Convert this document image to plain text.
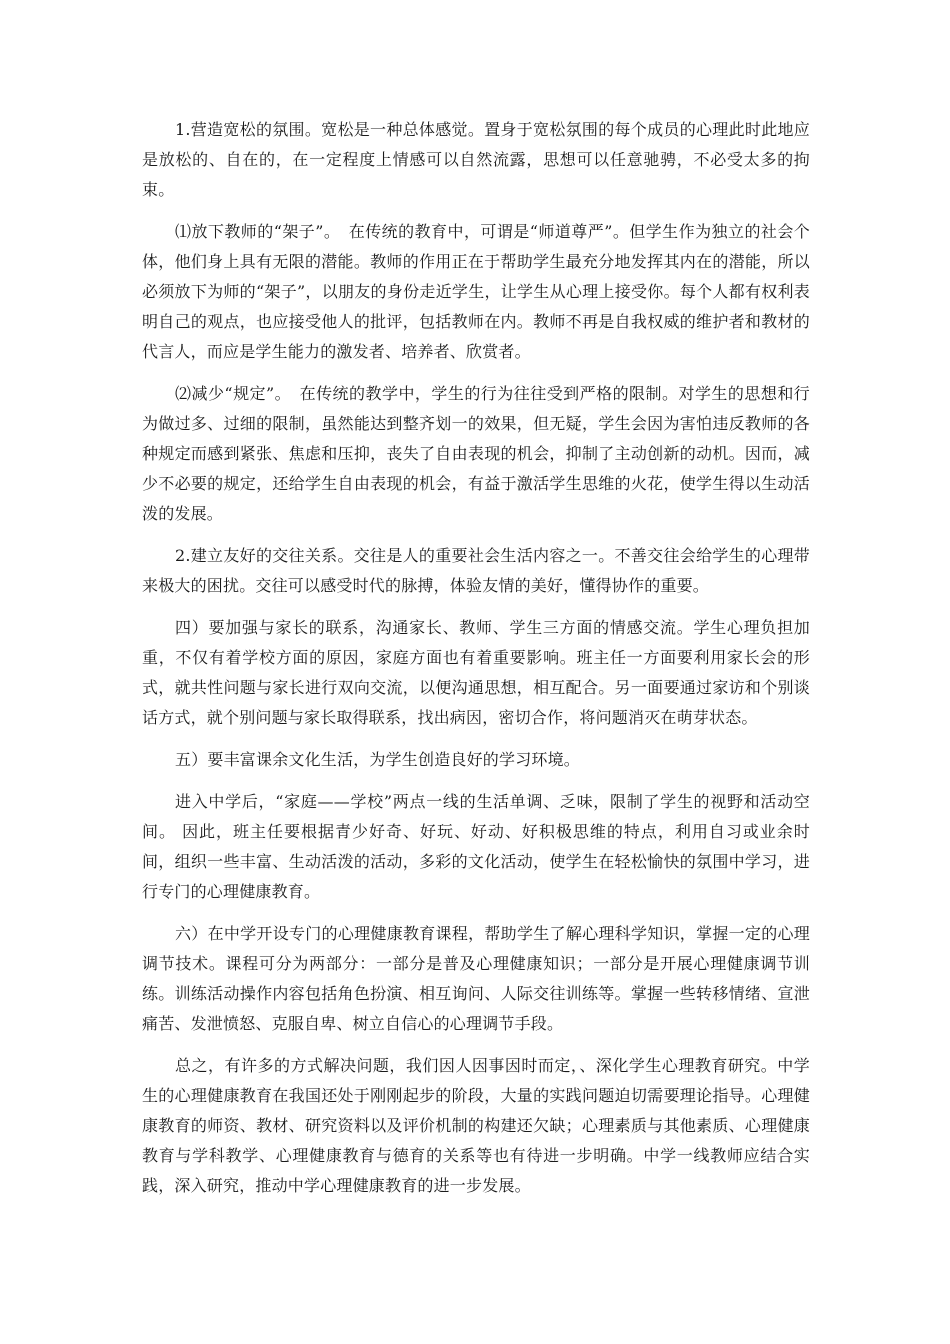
1.营造宽松的氛围。宽松是一种总体感觉。置身于宽松氛围的每个成员的心理此时此地应是放松的、自在的，在一定程度上情感可以自然流露，思想可以任意驰骋，不必受太多的拘束。

⑴放下教师的“架子”。　在传统的教育中，可谓是“师道尊严”。但学生作为独立的社会个体，他们身上具有无限的潜能。教师的作用正在于帮助学生最充分地发挥其内在的潜能，所以必须放下为师的“架子”，以朋友的身份走近学生，让学生从心理上接受你。每个人都有权利表明自己的观点，也应接受他人的批评，包括教师在内。教师不再是自我权威的维护者和教材的代言人，而应是学生能力的激发者、培养者、欣赏者。

⑵减少“规定”。　在传统的教学中，学生的行为往往受到严格的限制。对学生的思想和行为做过多、过细的限制，虽然能达到整齐划一的效果，但无疑，学生会因为害怕违反教师的各种规定而感到紧张、焦虑和压抑，丧失了自由表现的机会，抑制了主动创新的动机。因而，减少不必要的规定，还给学生自由表现的机会，有益于激活学生思维的火花，使学生得以生动活泼的发展。

2.建立友好的交往关系。交往是人的重要社会生活内容之一。不善交往会给学生的心理带来极大的困扰。交往可以感受时代的脉搏，体验友情的美好，懂得协作的重要。

四）要加强与家长的联系，沟通家长、教师、学生三方面的情感交流。学生心理负担加重，不仅有着学校方面的原因，家庭方面也有着重要影响。班主任一方面要利用家长会的形式，就共性问题与家长进行双向交流，以便沟通思想，相互配合。另一面要通过家访和个别谈话方式，就个别问题与家长取得联系，找出病因，密切合作，将问题消灭在萌芽状态。

五）要丰富课余文化生活，为学生创造良好的学习环境。

进入中学后，“家庭——学校”两点一线的生活单调、乏味，限制了学生的视野和活动空间。 因此，班主任要根据青少好奇、好玩、好动、好积极思维的特点，利用自习或业余时间，组织一些丰富、生动活泼的活动，多彩的文化活动，使学生在轻松愉快的氛围中学习，进行专门的心理健康教育。

六）在中学开设专门的心理健康教育课程，帮助学生了解心理科学知识，掌握一定的心理调节技术。课程可分为两部分：一部分是普及心理健康知识；一部分是开展心理健康调节训练。训练活动操作内容包括角色扮演、相互询问、人际交往训练等。掌握一些转移情绪、宣泄痛苦、发泄愤怒、克服自卑、树立自信心的心理调节手段。

总之，有许多的方式解决问题，我们因人因事因时而定，、深化学生心理教育研究。中学生的心理健康教育在我国还处于刚刚起步的阶段，大量的实践问题迫切需要理论指导。心理健康教育的师资、教材、研究资料以及评价机制的构建还欠缺；心理素质与其他素质、心理健康教育与学科教学、心理健康教育与德育的关系等也有待进一步明确。中学一线教师应结合实践，深入研究，推动中学心理健康教育的进一步发展。
